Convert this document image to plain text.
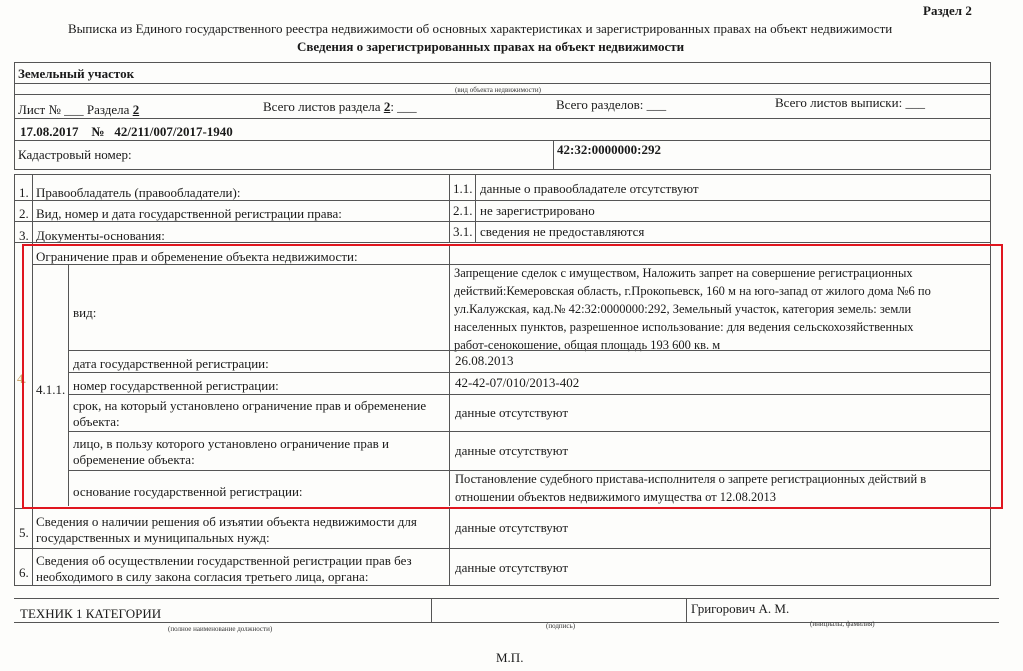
Раздел 2
Выписка из Единого государственного реестра недвижимости об основных характеристиках и зарегистрированных правах на объект недвижимости
Сведения о зарегистрированных правах на объект недвижимости
Земельный участок
(вид объекта недвижимости)
Лист № ___ Раздела 2	Всего листов раздела 2: ___	Всего разделов: ___	Всего листов выписки: ___
17.08.2017 № 42/211/007/2017-1940
Кадастровый номер:	42:32:0000000:292
1. Правообладатель (правообладатели):	1.1. данные о правообладателе отсутствуют
2. Вид, номер и дата государственной регистрации права:	2.1. не зарегистрировано
3. Документы-основания:	3.1. сведения не предоставляются
4.
Ограничение прав и обременение объекта недвижимости:
4.1.1.
вид:
Запрещение сделок с имуществом, Наложить запрет на совершение регистрационных
действий:Кемеровская область, г.Прокопьевск, 160 м на юго-запад от жилого дома №6 по
ул.Калужская, кад.№ 42:32:0000000:292, Земельный участок, категория земель: земли
населенных пунктов, разрешенное использование: для ведения сельскохозяйственных
работ-сенокошение, общая площадь 193 600 кв. м
дата государственной регистрации:	26.08.2013
номер государственной регистрации:	42-42-07/010/2013-402
срок, на который установлено ограничение прав и обременение
объекта:
данные отсутствуют
лицо, в пользу которого установлено ограничение прав и
обременение объекта:
данные отсутствуют
основание государственной регистрации:
Постановление судебного пристава-исполнителя о запрете регистрационных действий в
отношении объектов недвижимого имущества от 12.08.2013
5.
Сведения о наличии решения об изъятии объекта недвижимости для
государственных и муниципальных нужд:
данные отсутствуют
6.
Сведения об осуществлении государственной регистрации прав без
необходимого в силу закона согласия третьего лица, органа:
данные отсутствуют
ТЕХНИК 1 КАТЕГОРИИ	Григорович А. М.
(полное наименование должности)	(подпись)	(инициалы, фамилия)
М.П.
